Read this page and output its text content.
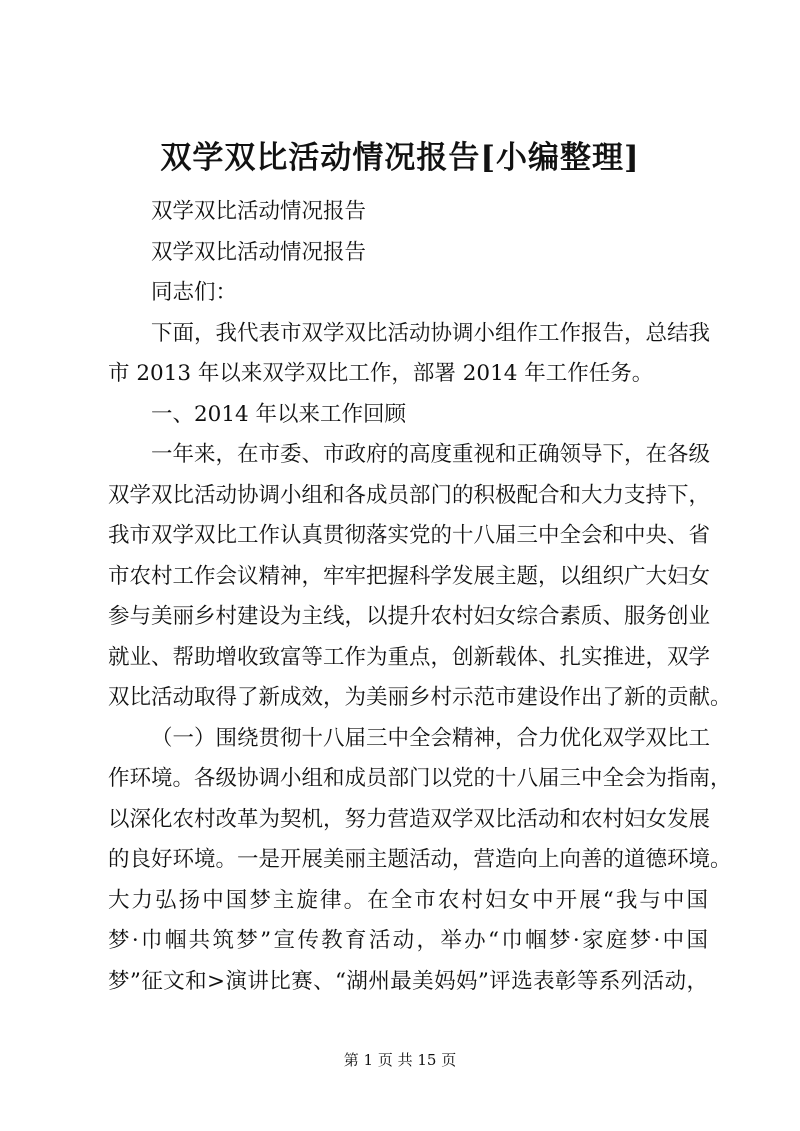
双学双比活动情况报告[小编整理]
双学双比活动情况报告
双学双比活动情况报告
同志们：
下面，我代表市双学双比活动协调小组作工作报告，总结我
市 2013 年以来双学双比工作，部署 2014 年工作任务。
一、2014 年以来工作回顾
一年来，在市委、市政府的高度重视和正确领导下，在各级
双学双比活动协调小组和各成员部门的积极配合和大力支持下，
我市双学双比工作认真贯彻落实党的十八届三中全会和中央、省
市农村工作会议精神，牢牢把握科学发展主题，以组织广大妇女
参与美丽乡村建设为主线，以提升农村妇女综合素质、服务创业
就业、帮助增收致富等工作为重点，创新载体、扎实推进，双学
双比活动取得了新成效，为美丽乡村示范市建设作出了新的贡献。
（一）围绕贯彻十八届三中全会精神，合力优化双学双比工
作环境。各级协调小组和成员部门以党的十八届三中全会为指南，
以深化农村改革为契机，努力营造双学双比活动和农村妇女发展
的良好环境。一是开展美丽主题活动，营造向上向善的道德环境。
大力弘扬中国梦主旋律。在全市农村妇女中开展“我与中国
梦·巾帼共筑梦”宣传教育活动，举办“巾帼梦·家庭梦·中国
梦”征文和>演讲比赛、“湖州最美妈妈”评选表彰等系列活动，
第 1 页 共 15 页
